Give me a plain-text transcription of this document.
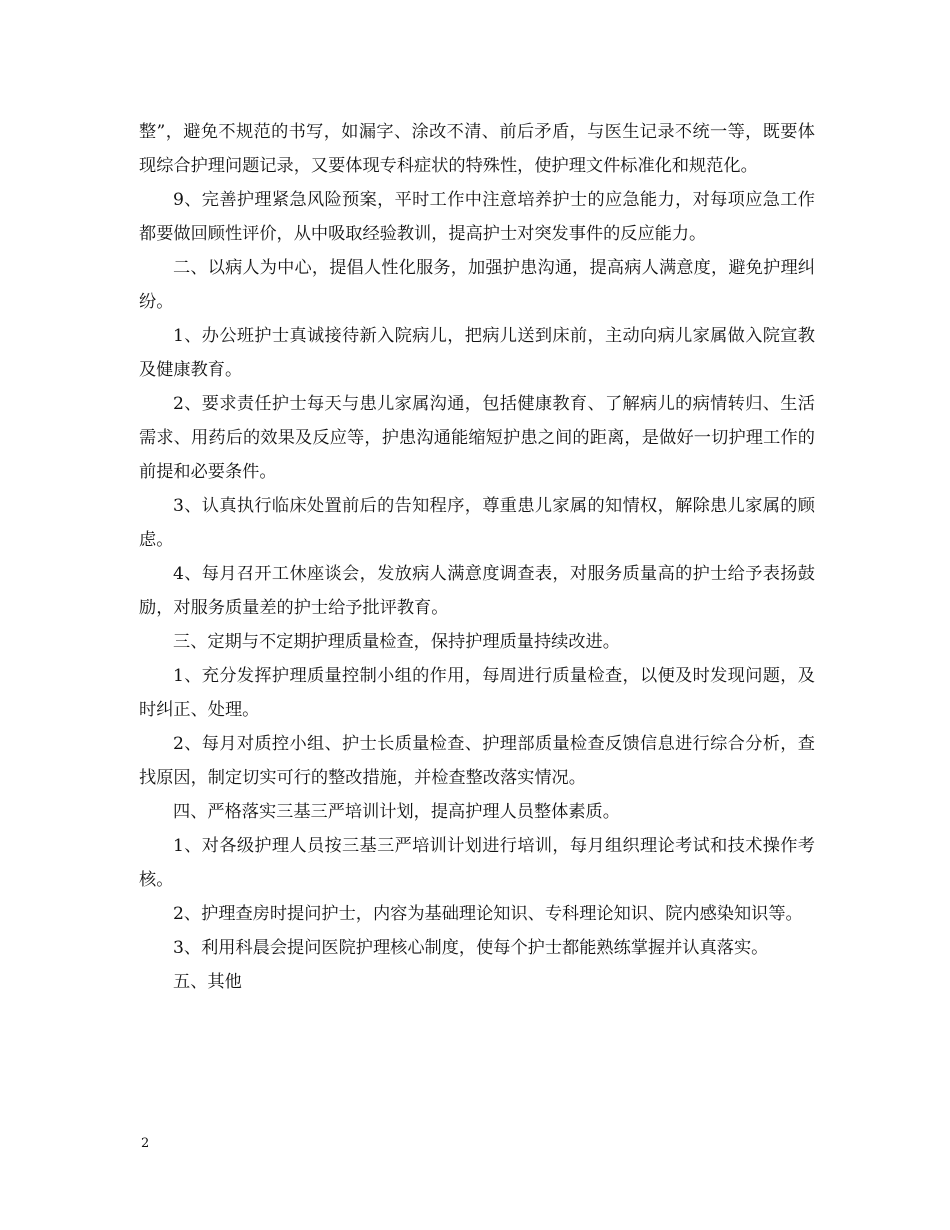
整”，避免不规范的书写，如漏字、涂改不清、前后矛盾，与医生记录不统一等，既要体现综合护理问题记录，又要体现专科症状的特殊性，使护理文件标准化和规范化。

9、完善护理紧急风险预案，平时工作中注意培养护士的应急能力，对每项应急工作都要做回顾性评价，从中吸取经验教训，提高护士对突发事件的反应能力。

二、以病人为中心，提倡人性化服务，加强护患沟通，提高病人满意度，避免护理纠纷。

1、办公班护士真诚接待新入院病儿，把病儿送到床前，主动向病儿家属做入院宣教及健康教育。

2、要求责任护士每天与患儿家属沟通，包括健康教育、了解病儿的病情转归、生活需求、用药后的效果及反应等，护患沟通能缩短护患之间的距离，是做好一切护理工作的前提和必要条件。

3、认真执行临床处置前后的告知程序，尊重患儿家属的知情权，解除患儿家属的顾虑。

4、每月召开工休座谈会，发放病人满意度调查表，对服务质量高的护士给予表扬鼓励，对服务质量差的护士给予批评教育。

三、定期与不定期护理质量检查，保持护理质量持续改进。

1、充分发挥护理质量控制小组的作用，每周进行质量检查，以便及时发现问题，及时纠正、处理。

2、每月对质控小组、护士长质量检查、护理部质量检查反馈信息进行综合分析，查找原因，制定切实可行的整改措施，并检查整改落实情况。

四、严格落实三基三严培训计划，提高护理人员整体素质。

1、对各级护理人员按三基三严培训计划进行培训，每月组织理论考试和技术操作考核。

2、护理查房时提问护士，内容为基础理论知识、专科理论知识、院内感染知识等。

3、利用科晨会提问医院护理核心制度，使每个护士都能熟练掌握并认真落实。

五、其他

2
